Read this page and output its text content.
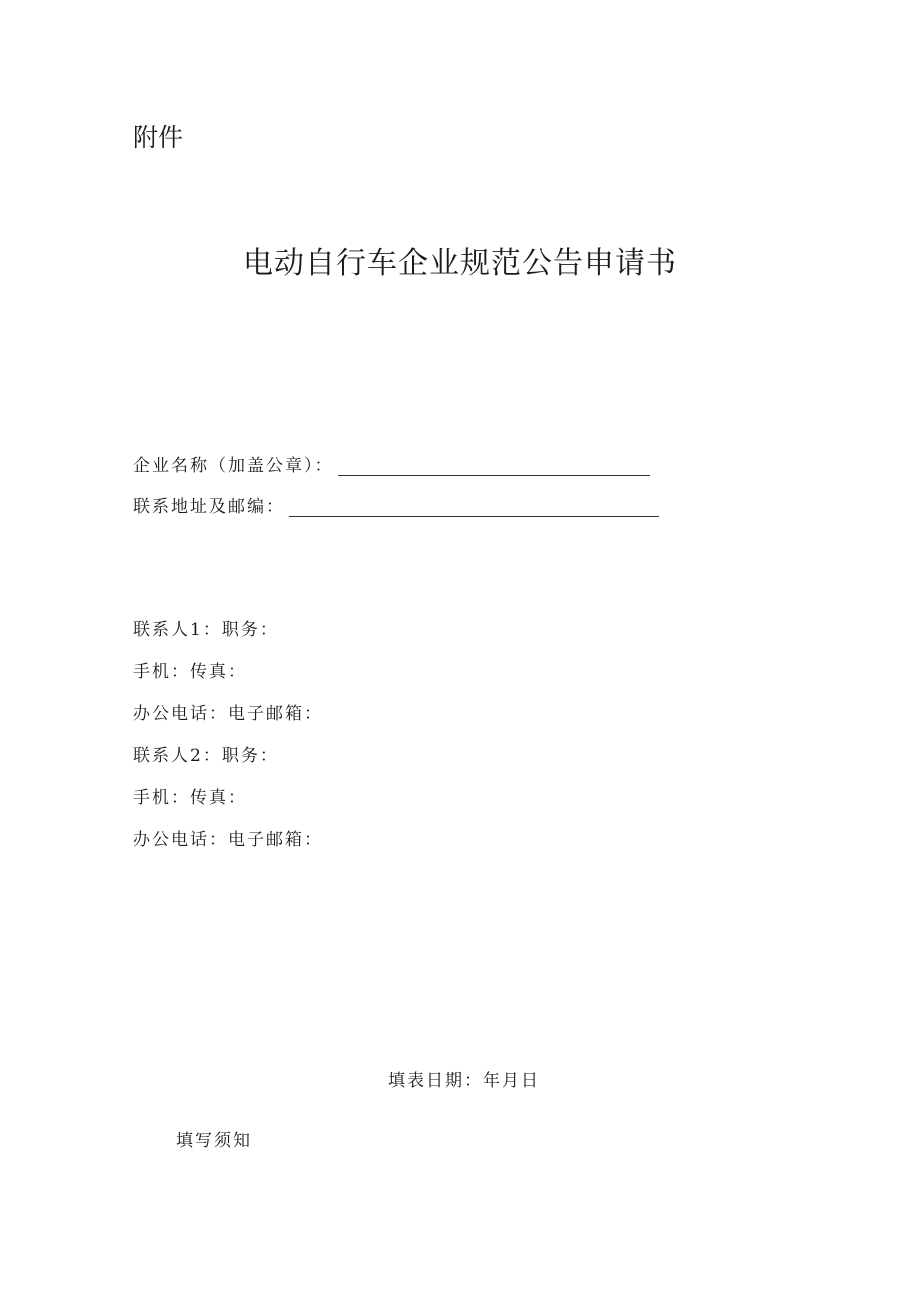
附件
电动自行车企业规范公告申请书
企业名称（加盖公章）：
联系地址及邮编：
联系人1：职务：
手机：传真：
办公电话：电子邮箱：
联系人2：职务：
手机：传真：
办公电话：电子邮箱：
填表日期：年月日
填写须知
